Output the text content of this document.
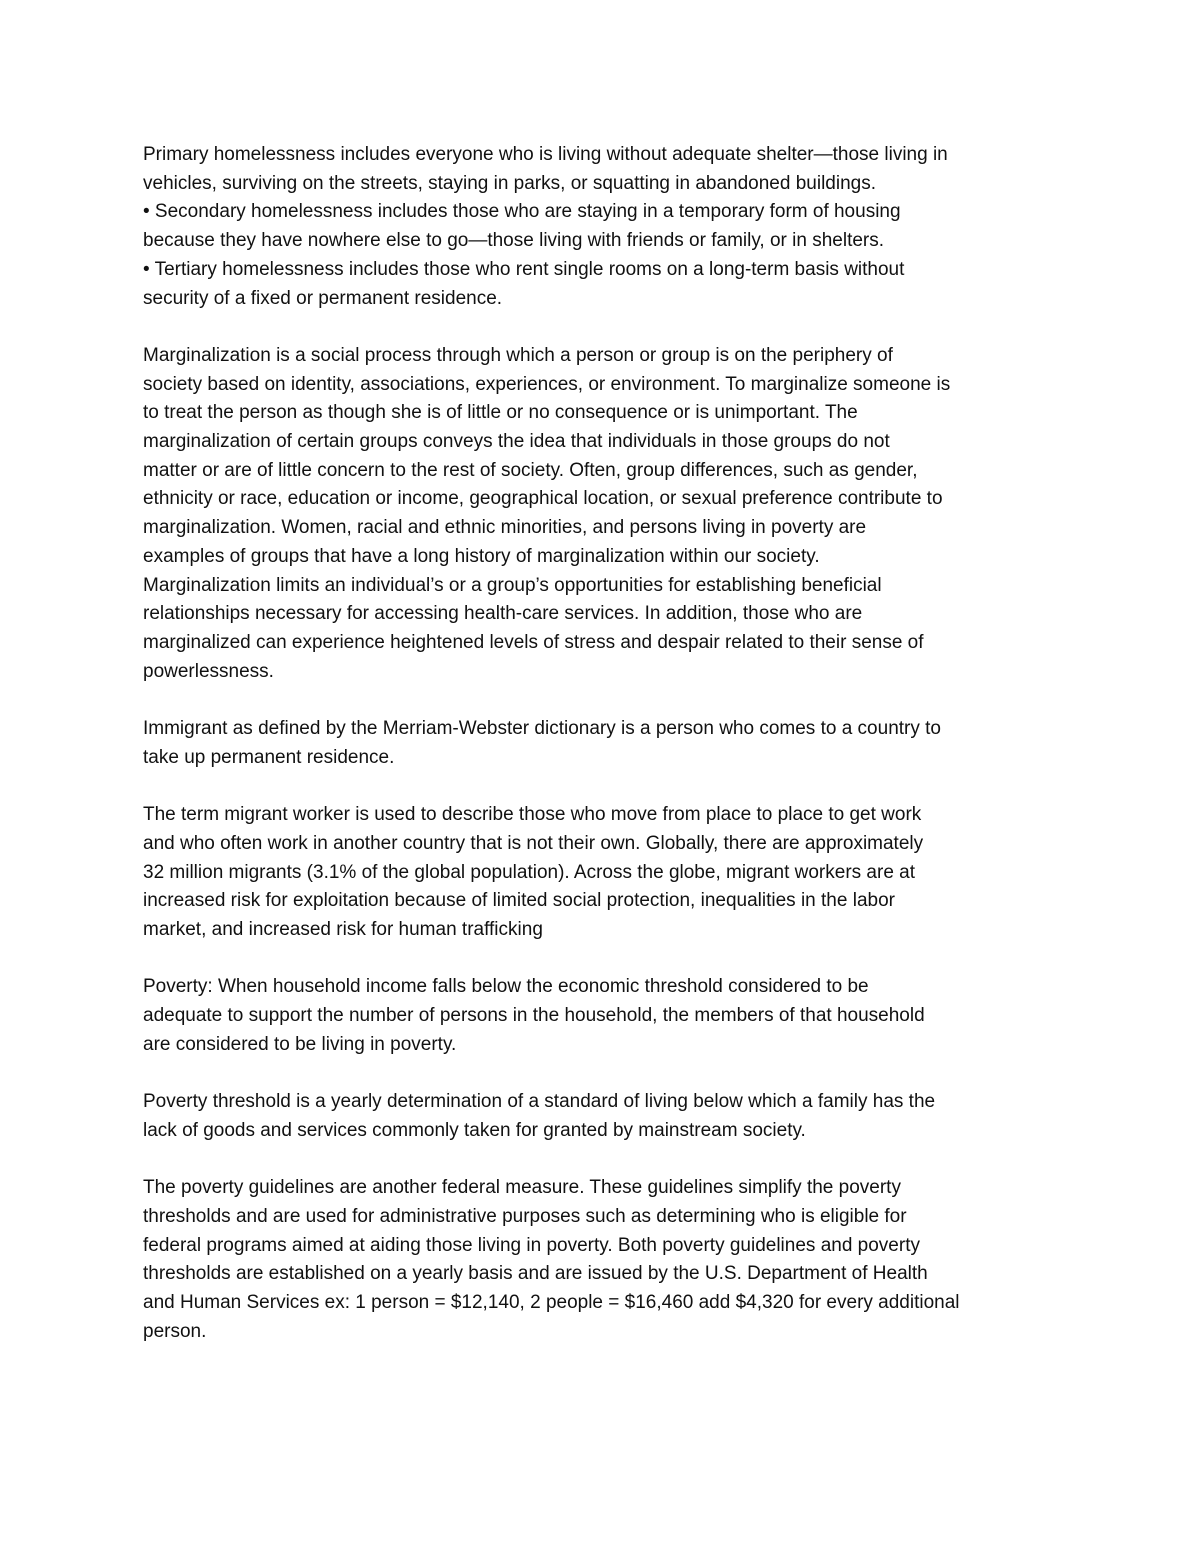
Primary homelessness includes everyone who is living without adequate shelter—those living in
vehicles, surviving on the streets, staying in parks, or squatting in abandoned buildings.
• Secondary homelessness includes those who are staying in a temporary form of housing
because they have nowhere else to go—those living with friends or family, or in shelters.
• Tertiary homelessness includes those who rent single rooms on a long-term basis without
security of a fixed or permanent residence.
Marginalization is a social process through which a person or group is on the periphery of
society based on identity, associations, experiences, or environment. To marginalize someone is
to treat the person as though she is of little or no consequence or is unimportant. The
marginalization of certain groups conveys the idea that individuals in those groups do not
matter or are of little concern to the rest of society. Often, group differences, such as gender,
ethnicity or race, education or income, geographical location, or sexual preference contribute to
marginalization. Women, racial and ethnic minorities, and persons living in poverty are
examples of groups that have a long history of marginalization within our society.
Marginalization limits an individual’s or a group’s opportunities for establishing beneficial
relationships necessary for accessing health-care services. In addition, those who are
marginalized can experience heightened levels of stress and despair related to their sense of
powerlessness.
Immigrant as defined by the Merriam-Webster dictionary is a person who comes to a country to
take up permanent residence.
The term migrant worker is used to describe those who move from place to place to get work
and who often work in another country that is not their own. Globally, there are approximately
32 million migrants (3.1% of the global population). Across the globe, migrant workers are at
increased risk for exploitation because of limited social protection, inequalities in the labor
market, and increased risk for human trafficking
Poverty: When household income falls below the economic threshold considered to be
adequate to support the number of persons in the household, the members of that household
are considered to be living in poverty.
Poverty threshold is a yearly determination of a standard of living below which a family has the
lack of goods and services commonly taken for granted by mainstream society.
The poverty guidelines are another federal measure. These guidelines simplify the poverty
thresholds and are used for administrative purposes such as determining who is eligible for
federal programs aimed at aiding those living in poverty. Both poverty guidelines and poverty
thresholds are established on a yearly basis and are issued by the U.S. Department of Health
and Human Services ex: 1 person = $12,140, 2 people = $16,460 add $4,320 for every additional
person.
